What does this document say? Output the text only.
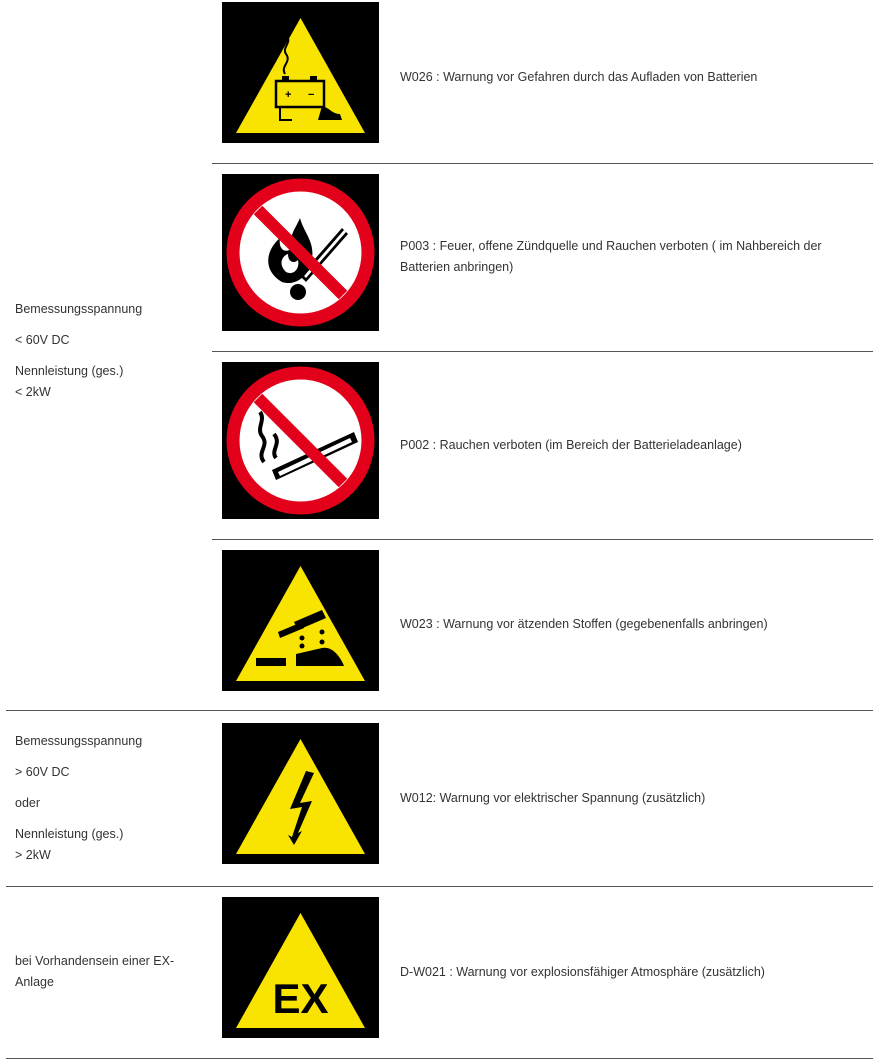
Bemessungsspannung

< 60V DC

Nennleistung (ges.)

< 2kW

Bemessungsspannung

> 60V DC

oder

Nennleistung (ges.)

> 2kW

bei Vorhandensein einer EX-Anlage

+ −
W026 : Warnung vor Gefahren durch das Aufladen von Batterien
P003 : Feuer, offene Zündquelle und Rauchen verboten ( im Nahbereich der Batterien anbringen)
P002 : Rauchen verboten (im Bereich der Batterieladeanlage)
W023 : Warnung vor ätzenden Stoffen (gegebenenfalls anbringen)
W012: Warnung vor elektrischer Spannung (zusätzlich)
EX
D-W021 : Warnung vor explosionsfähiger Atmosphäre (zusätzlich)
